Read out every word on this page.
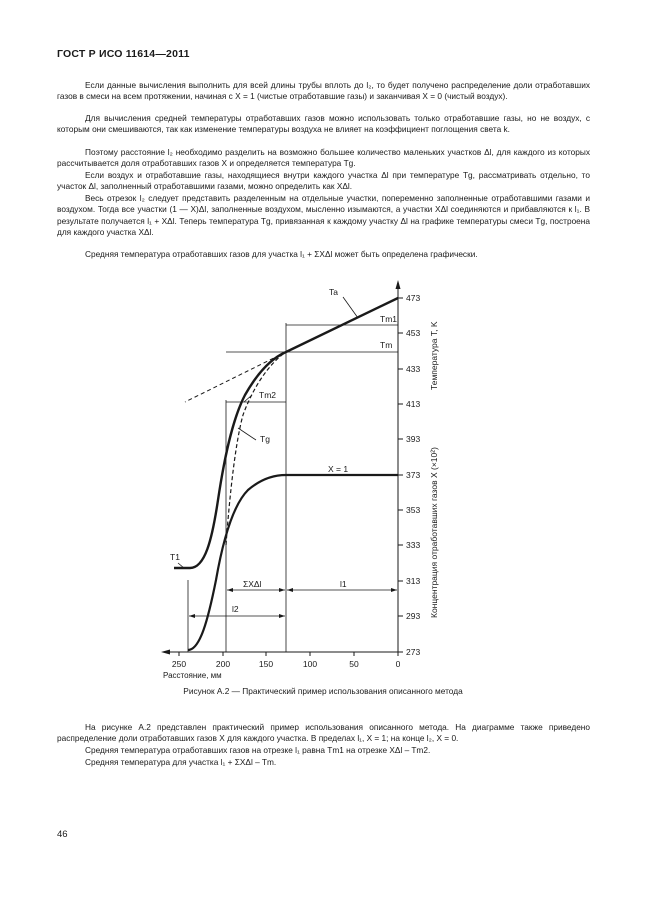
ГОСТ Р ИСО 11614—2011

Если данные вычисления выполнить для всей длины трубы вплоть до l₂, то будет получено распределение доли отработавших газов в смеси на всем протяжении, начиная с X = 1 (чистые отработавшие газы) и заканчивая X = 0 (чистый воздух).

Для вычисления средней температуры отработавших газов можно использовать только отработавшие газы, но не воздух, с которым они смешиваются, так как изменение температуры воздуха не влияет на коэффициент поглощения света k.

Поэтому расстояние l₂ необходимо разделить на возможно большее количество маленьких участков Δl, для каждого из которых рассчитывается доля отработавших газов X и определяется температура Tg.

Если воздух и отработавшие газы, находящиеся внутри каждого участка Δl при температуре Tg, рассматривать отдельно, то участок Δl, заполненный отработавшими газами, можно определить как XΔl.

Весь отрезок l₂ следует представить разделенным на отдельные участки, попеременно заполненные отработавшими газами и воздухом. Тогда все участки (1 — X)Δl, заполненные воздухом, мысленно изымаются, а участки XΔl соединяются и прибавляются к l₁. В результате получается l₁ + XΔl. Теперь температура Tg, привязанная к каждому участку Δl на графике температуры смеси Tg, построена для каждого участка XΔl.

Средняя температура отработавших газов для участка l₁ + ΣXΔl может быть определена графически.

473
453
433
413
393
373
353
333
313
293
273
Температура T, K
Концентрация отработавших газов X (×10²)
250	200	150	100	50	0
Расстояние, мм
Ta
Tm1
Tm
Tm2
Tg
X = 1
T1
ΣXΔl	l1
l2
Рисунок А.2 — Практический пример использования описанного метода

На рисунке А.2 представлен практический пример использования описанного метода. На диаграмме также приведено распределение доли отработавших газов X для каждого участка. В пределах l₁, X = 1; на конце l₂, X = 0.

Средняя температура отработавших газов на отрезке l₁ равна Tm1 на отрезке XΔl – Tm2.

Средняя температура для участка l₁ + ΣXΔl – Tm.

46
